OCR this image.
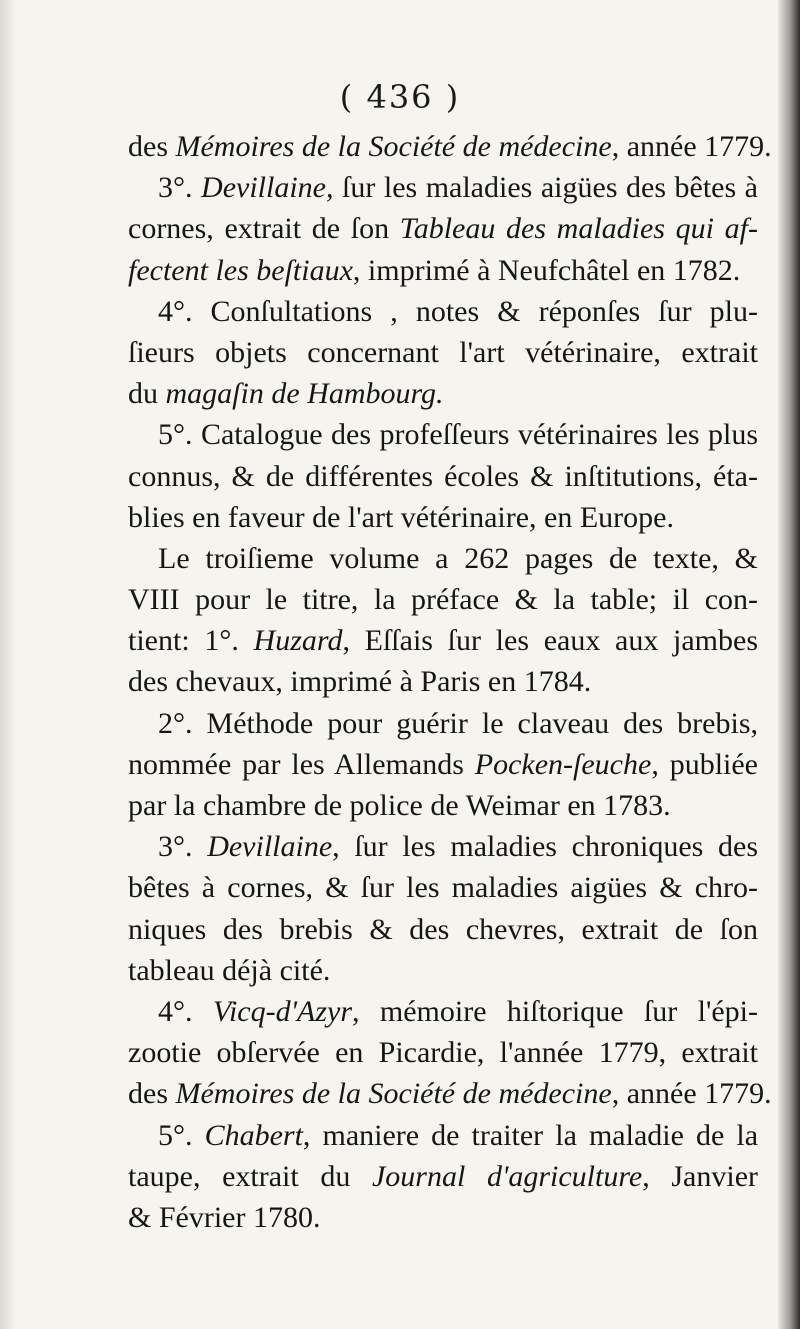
( 436 )
des Mémoires de la Société de médecine, année 1779.
3°. Devillaine, ſur les maladies aigües des bêtes à
cornes, extrait de ſon Tableau des maladies qui af-
fectent les beſtiaux, imprimé à Neufchâtel en 1782.
4°. Conſultations , notes & réponſes ſur plu-
ſieurs objets concernant l'art vétérinaire, extrait
du magaſin de Hambourg.
5°. Catalogue des profeſſeurs vétérinaires les plus
connus, & de différentes écoles & inſtitutions, éta-
blies en faveur de l'art vétérinaire, en Europe.
Le troiſieme volume a 262 pages de texte, &
VIII pour le titre, la préface & la table; il con-
tient: 1°. Huzard, Eſſais ſur les eaux aux jambes
des chevaux, imprimé à Paris en 1784.
2°. Méthode pour guérir le claveau des brebis,
nommée par les Allemands Pocken-ſeuche, publiée
par la chambre de police de Weimar en 1783.
3°. Devillaine, ſur les maladies chroniques des
bêtes à cornes, & ſur les maladies aigües & chro-
niques des brebis & des chevres, extrait de ſon
tableau déjà cité.
4°. Vicq-d'Azyr, mémoire hiſtorique ſur l'épi-
zootie obſervée en Picardie, l'année 1779, extrait
des Mémoires de la Société de médecine, année 1779.
5°. Chabert, maniere de traiter la maladie de la
taupe, extrait du Journal d'agriculture, Janvier
& Février 1780.
